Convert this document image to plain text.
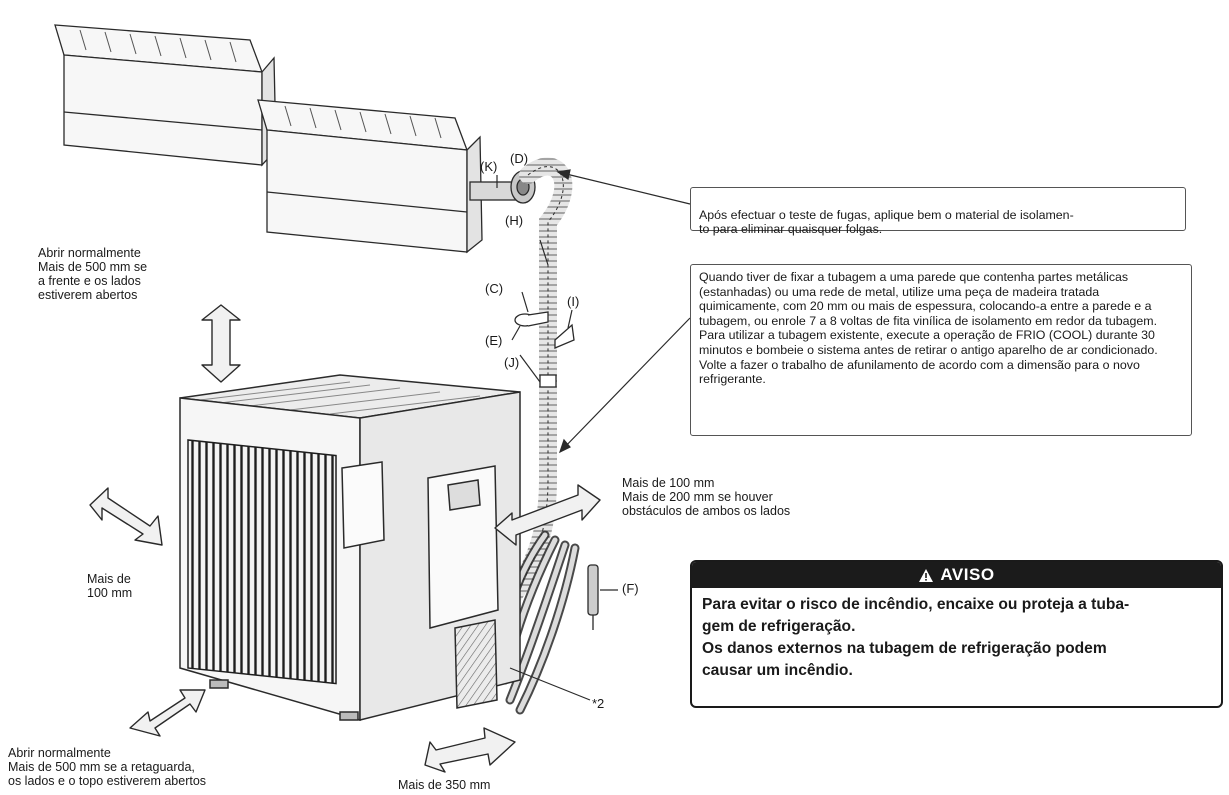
Abrir normalmente
Mais de 500 mm se
a frente e os lados
estiverem abertos
Mais de
100 mm
Mais de 100 mm
Mais de 200 mm se houver
obstáculos de ambos os lados
Abrir normalmente
Mais de 500 mm se a retaguarda,
os lados e o topo estiverem abertos	Mais de 350 mm
(K)
(D)
(H)
(C)
(I)
(E)
(J)
(F)
*2

Após efectuar o teste de fugas, aplique bem o material de isolamen-
to para eliminar quaisquer folgas.

Quando tiver de fixar a tubagem a uma parede que contenha partes metálicas (estanhadas) ou uma rede de metal, utilize uma peça de madeira tratada quimicamente, com 20 mm ou mais de espessura, colocando-a entre a parede e a tubagem, ou enrole 7 a 8 voltas de fita vinílica de isolamento em redor da tubagem.

Para utilizar a tubagem existente, execute a operação de FRIO (COOL) durante 30 minutos e bombeie o sistema antes de retirar o antigo aparelho de ar condicionado. Volte a fazer o trabalho de afunilamento de acordo com a dimensão para o novo refrigerante.

AVISO

Para evitar o risco de incêndio, encaixe ou proteja a tuba-

gem de refrigeração.

Os danos externos na tubagem de refrigeração podem

causar um incêndio.
